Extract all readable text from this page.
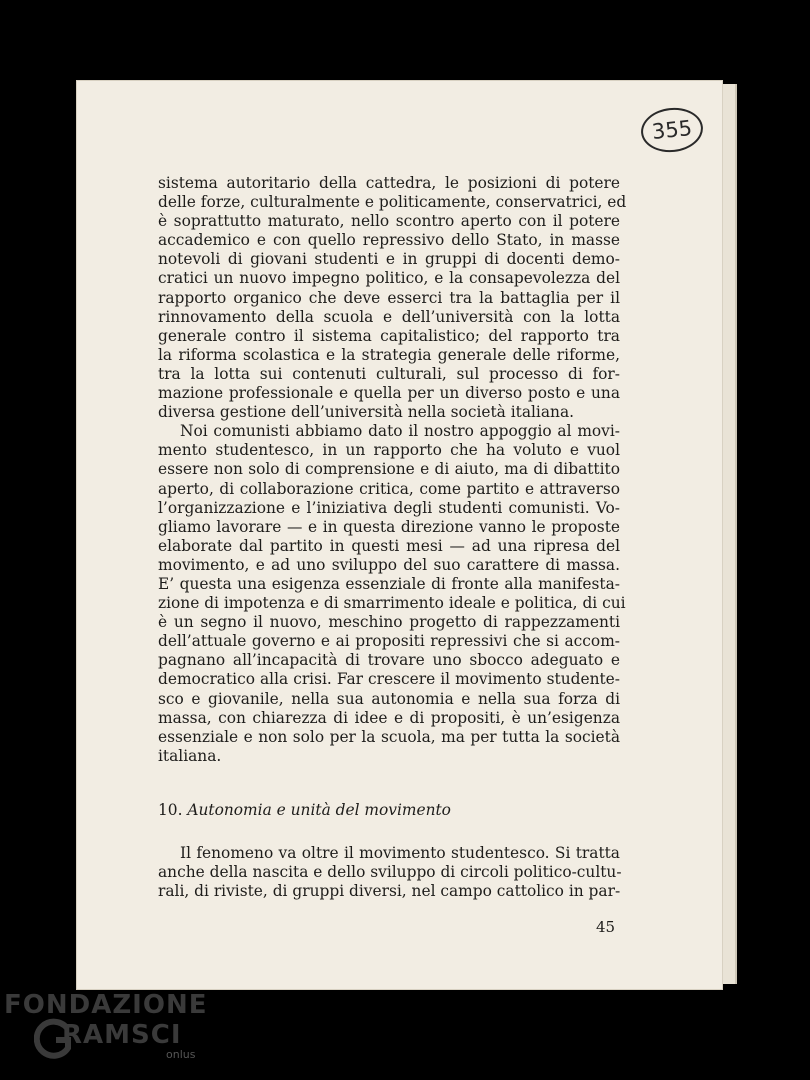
355
sistema autoritario della cattedra, le posizioni di potere
delle forze, culturalmente e politicamente, conservatrici, ed
è soprattutto maturato, nello scontro aperto con il potere
accademico e con quello repressivo dello Stato, in masse
notevoli di giovani studenti e in gruppi di docenti demo-
cratici un nuovo impegno politico, e la consapevolezza del
rapporto organico che deve esserci tra la battaglia per il
rinnovamento della scuola e dell’università con la lotta
generale contro il sistema capitalistico; del rapporto tra
la riforma scolastica e la strategia generale delle riforme,
tra la lotta sui contenuti culturali, sul processo di for-
mazione professionale e quella per un diverso posto e una
diversa gestione dell’università nella società italiana.
Noi comunisti abbiamo dato il nostro appoggio al movi-
mento studentesco, in un rapporto che ha voluto e vuol
essere non solo di comprensione e di aiuto, ma di dibattito
aperto, di collaborazione critica, come partito e attraverso
l’organizzazione e l’iniziativa degli studenti comunisti. Vo-
gliamo lavorare — e in questa direzione vanno le proposte
elaborate dal partito in questi mesi — ad una ripresa del
movimento, e ad uno sviluppo del suo carattere di massa.
E’ questa una esigenza essenziale di fronte alla manifesta-
zione di impotenza e di smarrimento ideale e politica, di cui
è un segno il nuovo, meschino progetto di rappezzamenti
dell’attuale governo e ai propositi repressivi che si accom-
pagnano all’incapacità di trovare uno sbocco adeguato e
democratico alla crisi. Far crescere il movimento studente-
sco e giovanile, nella sua autonomia e nella sua forza di
massa, con chiarezza di idee e di propositi, è un’esigenza
essenziale e non solo per la scuola, ma per tutta la società
italiana.
10. Autonomia e unità del movimento
Il fenomeno va oltre il movimento studentesco. Si tratta
anche della nascita e dello sviluppo di circoli politico-cultu-
rali, di riviste, di gruppi diversi, nel campo cattolico in par-
45
FONDAZIONE
RAMSCI
onlus
